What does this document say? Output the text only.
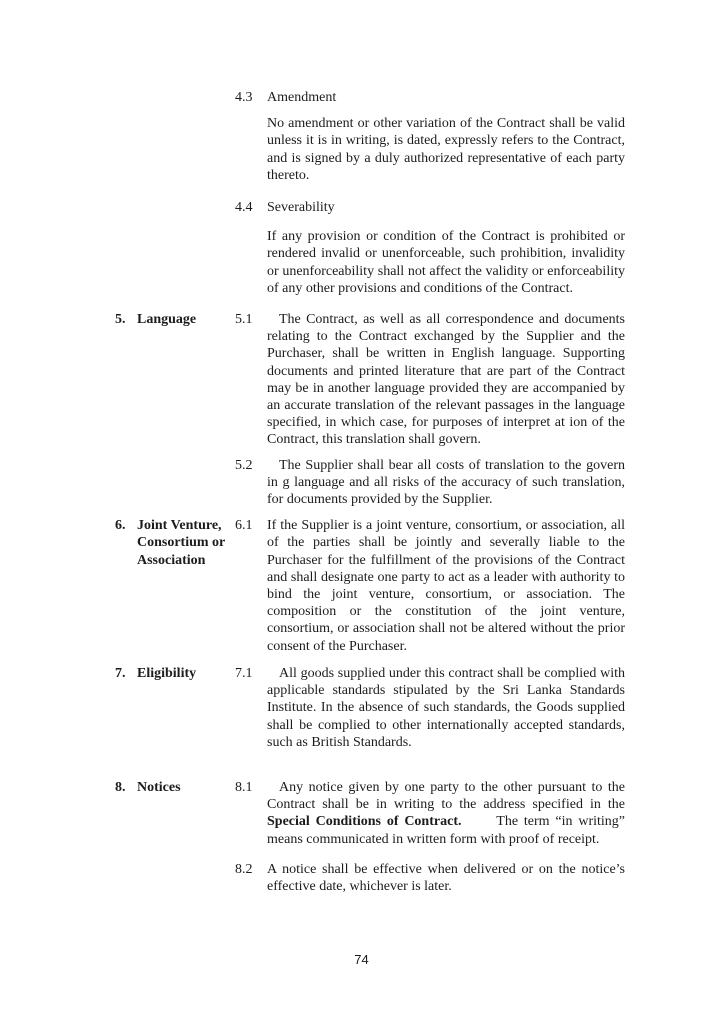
4.3	Amendment
No amendment or other variation of the Contract shall be valid unless it is in writing, is dated, expressly refers to the Contract, and is signed by a duly authorized representative of each party thereto.
4.4	Severability
If any provision or condition of the Contract is prohibited or rendered invalid or unenforceable, such prohibition, invalidity or unenforceability shall not affect the validity or enforceability of any other provisions and conditions of the Contract.
5. Language	5.1	The Contract, as well as all correspondence and documents relating to the Contract exchanged by the Supplier and the Purchaser, shall be written in English language. Supporting documents and printed literature that are part of the Contract may be in another language provided they are accompanied by an accurate translation of the relevant passages in the language specified, in which case, for purposes of interpret at ion of the Contract, this translation shall govern.
5.2	The Supplier shall bear all costs of translation to the govern in g language and all risks of the accuracy of such translation, for documents provided by the Supplier.
6. Joint Venture, Consortium or Association
6.1	If the Supplier is a joint venture, consortium, or association, all of the parties shall be jointly and severally liable to the Purchaser for the fulfillment of the provisions of the Contract and shall designate one party to act as a leader with authority to bind the joint venture, consortium, or association. The composition or the constitution of the joint venture, consortium, or association shall not be altered without the prior consent of the Purchaser.
7. Eligibility	7.1	All goods supplied under this contract shall be complied with applicable standards stipulated by the Sri Lanka Standards Institute. In the absence of such standards, the Goods supplied shall be complied to other internationally accepted standards, such as British Standards.
8. Notices	8.1	Any notice given by one party to the other pursuant to the Contract shall be in writing to the address specified in the Special Conditions of Contract.      The term “in writing” means communicated in written form with proof of receipt.
8.2	A notice shall be effective when delivered or on the notice’s effective date, whichever is later.
74
